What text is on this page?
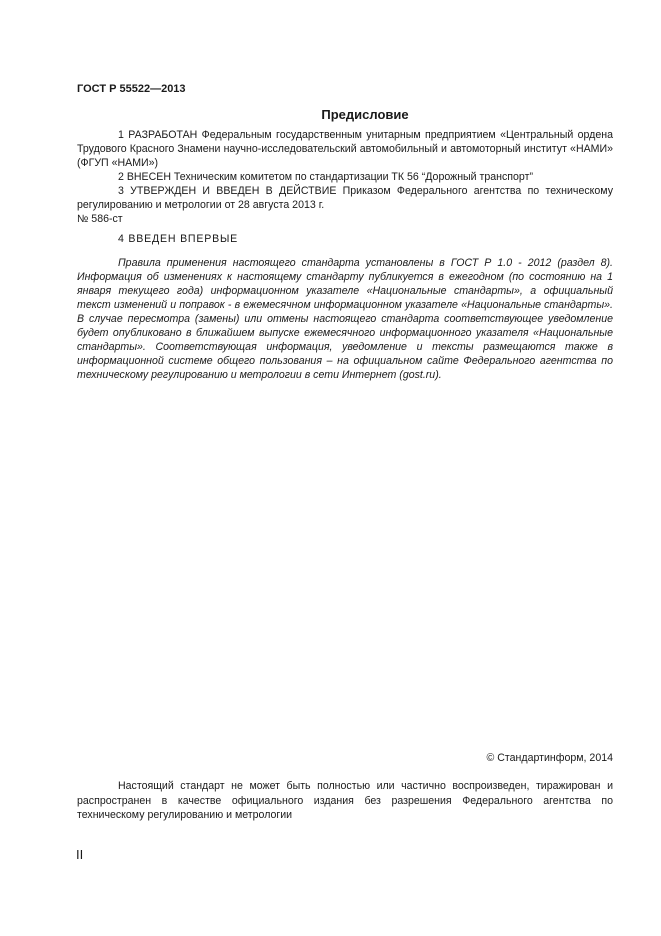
ГОСТ Р 55522—2013
Предисловие

1 РАЗРАБОТАН Федеральным государственным унитарным предприятием «Центральный ордена Трудового Красного Знамени научно-исследовательский автомобильный и автомоторный институт «НАМИ» (ФГУП «НАМИ»)

2 ВНЕСЕН Техническим комитетом по стандартизации ТК 56 “Дорожный транспорт”

3 УТВЕРЖДЕН И ВВЕДЕН В ДЕЙСТВИЕ Приказом Федерального агентства по техническому регулированию и метрологии от 28 августа 2013 г.

№ 586-ст

4 ВВЕДЕН ВПЕРВЫЕ

Правила применения настоящего стандарта установлены в ГОСТ Р 1.0 - 2012 (раздел 8). Информация об изменениях к настоящему стандарту публикуется в ежегодном (по состоянию на 1 января текущего года) информационном указателе «Национальные стандарты», а официальный текст изменений и поправок - в ежемесячном информационном указателе «Национальные стандарты». В случае пересмотра (замены) или отмены настоящего стандарта соответствующее уведомление будет опубликовано в ближайшем выпуске ежемесячного информационного указателя «Национальные стандарты». Соответствующая информация, уведомление и тексты размещаются также в информационной системе общего пользования – на официальном сайте Федерального агентства по техническому регулированию и метрологии в сети Интернет (gost.ru).

© Стандартинформ, 2014

Настоящий стандарт не может быть полностью или частично воспроизведен, тиражирован и распространен в качестве официального издания без разрешения Федерального агентства по техническому регулированию и метрологии

II
